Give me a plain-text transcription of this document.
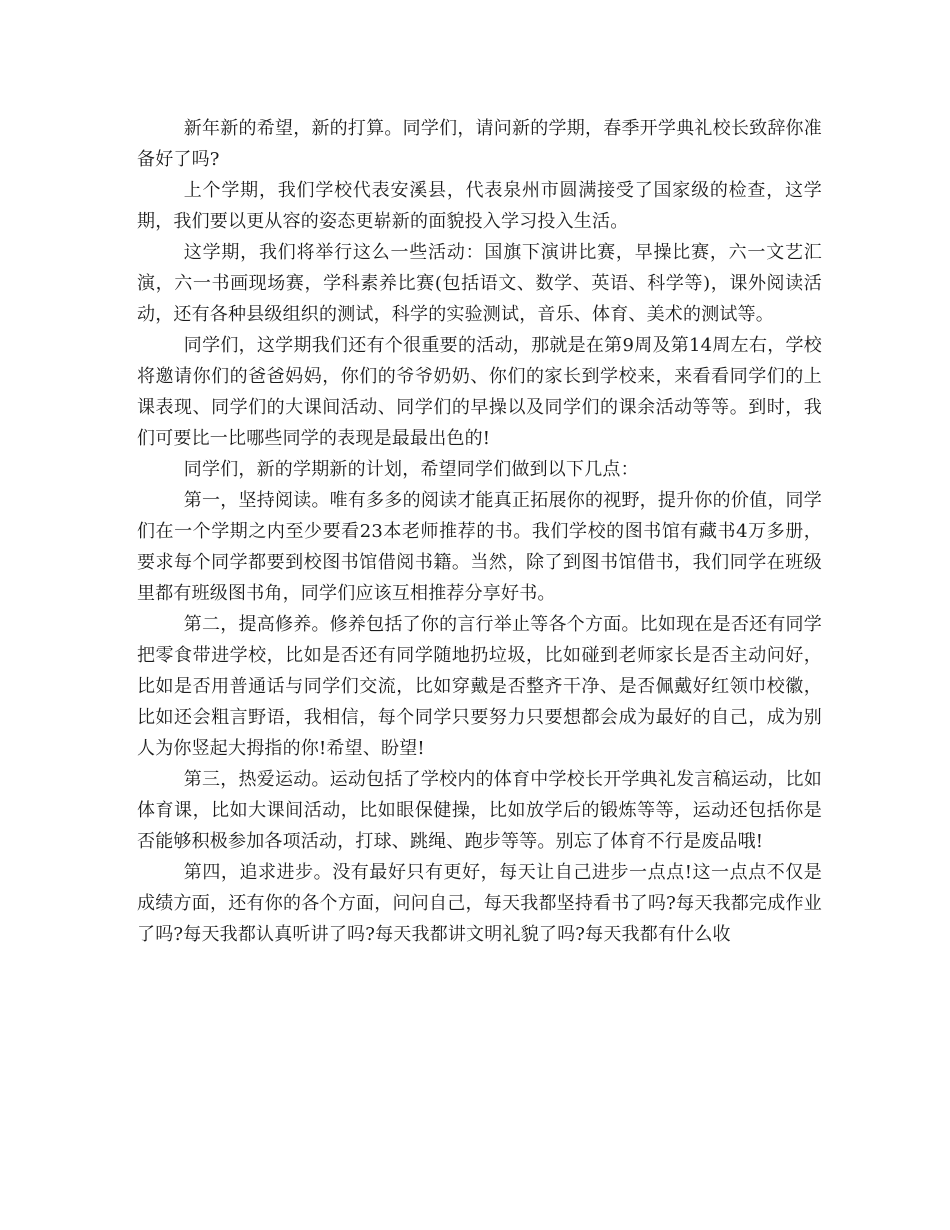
新年新的希望，新的打算。同学们，请问新的学期，春季开学典礼校长致辞你准备好了吗?

上个学期，我们学校代表安溪县，代表泉州市圆满接受了国家级的检查，这学期，我们要以更从容的姿态更崭新的面貌投入学习投入生活。

这学期，我们将举行这么一些活动：国旗下演讲比赛，早操比赛，六一文艺汇演，六一书画现场赛，学科素养比赛(包括语文、数学、英语、科学等)，课外阅读活动，还有各种县级组织的测试，科学的实验测试，音乐、体育、美术的测试等。

同学们，这学期我们还有个很重要的活动，那就是在第9周及第14周左右，学校将邀请你们的爸爸妈妈，你们的爷爷奶奶、你们的家长到学校来，来看看同学们的上课表现、同学们的大课间活动、同学们的早操以及同学们的课余活动等等。到时，我们可要比一比哪些同学的表现是最最出色的!

同学们，新的学期新的计划，希望同学们做到以下几点：

第一，坚持阅读。唯有多多的阅读才能真正拓展你的视野，提升你的价值，同学们在一个学期之内至少要看23本老师推荐的书。我们学校的图书馆有藏书4万多册，要求每个同学都要到校图书馆借阅书籍。当然，除了到图书馆借书，我们同学在班级里都有班级图书角，同学们应该互相推荐分享好书。

第二，提高修养。修养包括了你的言行举止等各个方面。比如现在是否还有同学把零食带进学校，比如是否还有同学随地扔垃圾，比如碰到老师家长是否主动问好，比如是否用普通话与同学们交流，比如穿戴是否整齐干净、是否佩戴好红领巾校徽，比如还会粗言野语，我相信，每个同学只要努力只要想都会成为最好的自己，成为别人为你竖起大拇指的你!希望、盼望!

第三，热爱运动。运动包括了学校内的体育中学校长开学典礼发言稿运动，比如体育课，比如大课间活动，比如眼保健操，比如放学后的锻炼等等，运动还包括你是否能够积极参加各项活动，打球、跳绳、跑步等等。别忘了体育不行是废品哦!

第四，追求进步。没有最好只有更好，每天让自己进步一点点!这一点点不仅是成绩方面，还有你的各个方面，问问自己，每天我都坚持看书了吗?每天我都完成作业了吗?每天我都认真听讲了吗?每天我都讲文明礼貌了吗?每天我都有什么收
